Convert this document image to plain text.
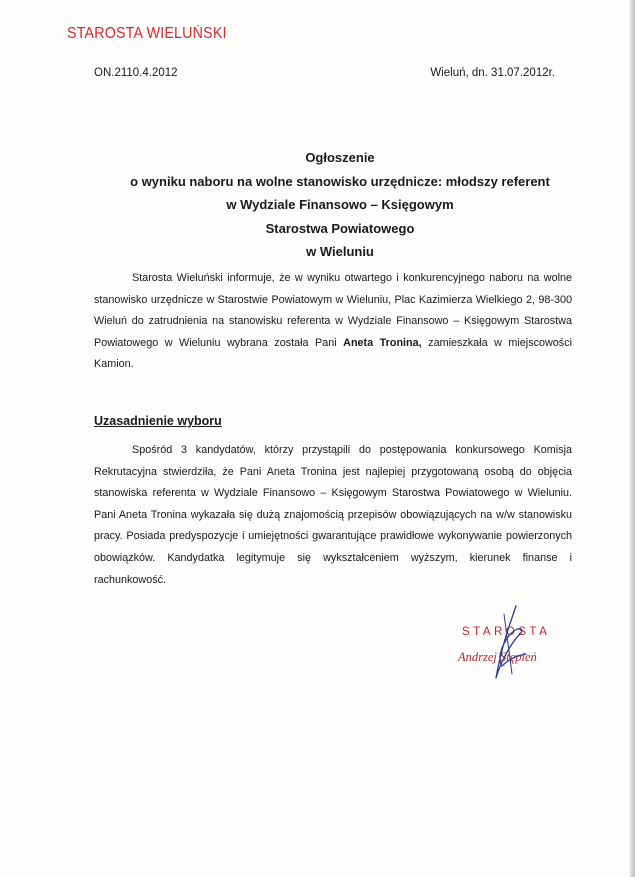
STAROSTA WIELUŃSKI
ON.2110.4.2012	Wieluń, dn. 31.07.2012r.
Ogłoszenie
o wyniku naboru na wolne stanowisko urzędnicze: młodszy referent
w Wydziale Finansowo – Księgowym
Starostwa Powiatowego
w Wieluniu

Starosta Wieluński informuje, że w wyniku otwartego i konkurencyjnego naboru na wolne stanowisko urzędnicze w Starostwie Powiatowym w Wieluniu, Plac Kazimierza Wielkiego 2, 98-300 Wieluń do zatrudnienia na stanowisku referenta w Wydziale Finansowo – Księgowym Starostwa Powiatowego w Wieluniu wybrana została Pani Aneta Tronina, zamieszkała w miejscowości Kamion.

Uzasadnienie wyboru

Spośród 3 kandydatów, którzy przystąpili do postępowania konkursowego Komisja Rekrutacyjna stwierdziła, że Pani Aneta Tronina jest najlepiej przygotowaną osobą do objęcia stanowiska referenta w Wydziale Finansowo – Księgowym Starostwa Powiatowego w Wieluniu. Pani Aneta Tronina wykazała się dużą znajomością przepisów obowiązujących na w/w stanowisku pracy. Posiada predyspozycje i umiejętności gwarantujące prawidłowe wykonywanie powierzonych obowiązków. Kandydatka legitymuje się wykształceniem wyższym, kierunek finanse i rachunkowość.

STAROSTA
Andrzej Stępień
